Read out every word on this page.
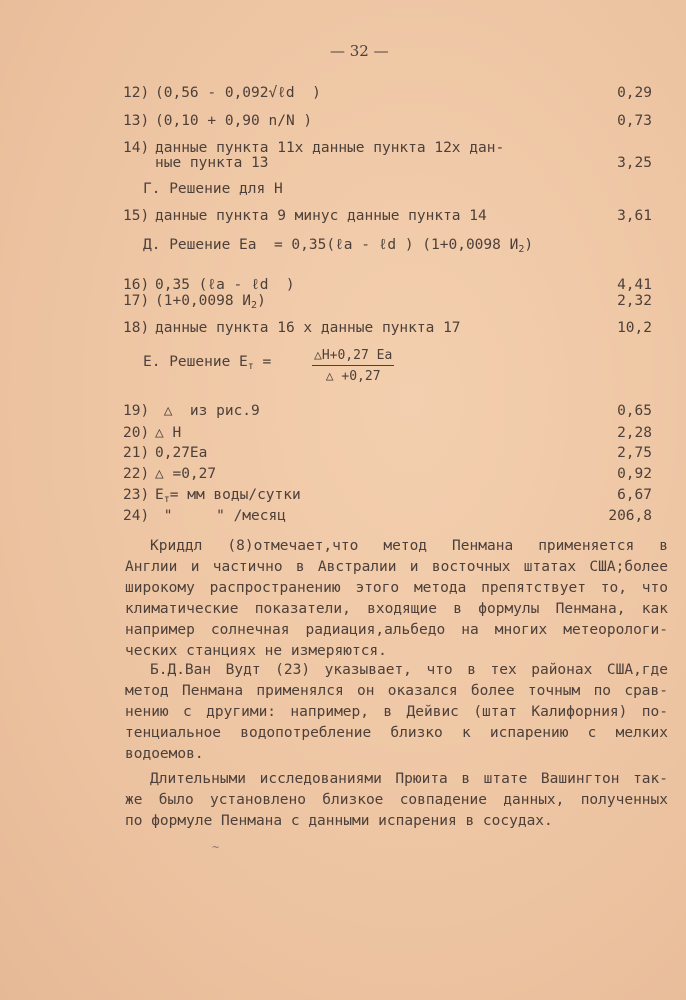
— 32 —
12) (0,56 - 0,092√ℓd  )	0,29
13) (0,10 + 0,90 n/N )	0,73
14) данные пункта 11х данные пункта 12х дан-
ные пункта 13	3,25
15) данные пункта 9 минус данные пункта 14	3,61
16) 0,35 (ℓa - ℓd  )	4,41
17) (1+0,0098 $И_2$)	2,32
18) данные пункта 16 х данные пункта 17	10,2
19) △  из рис.9	0,65
20) △ H	2,28
21) 0,27Ea	2,75
22) △ =0,27	0,92
23) $E_т=$ мм воды/сутки	6,67
24) "     " /месяц	206,8
Г. Решение для H
Д. Решение Ea  = 0,35(ℓa - ℓd ) (1+0,0098 $И_2$)
E. Решение $E_т$ =	$\frac{\triangle H+0,27 Ea}{\triangle +0,27}$
Криддл (8)отмечает,что метод Пенмана применяется в
Англии и частично в Австралии и восточных штатах США;более
широкому распространению этого метода препятствует то, что
климатические показатели, входящие в формулы Пенмана, как
например солнечная радиация,альбедо на многих метеорологи-
ческих станциях не измеряются.
Б.Д.Ван Вудт (23) указывает, что в тех районах США,где
метод Пенмана применялся он оказался более точным по срав-
нению с другими: например, в Дейвис (штат Калифорния) по-
тенциальное водопотребление близко к испарению с мелких
водоемов.
Длительными исследованиями Прюита в штате Вашингтон так-
же было установлено близкое совпадение данных, полученных
по формуле Пенмана с данными испарения в сосудах.
~
